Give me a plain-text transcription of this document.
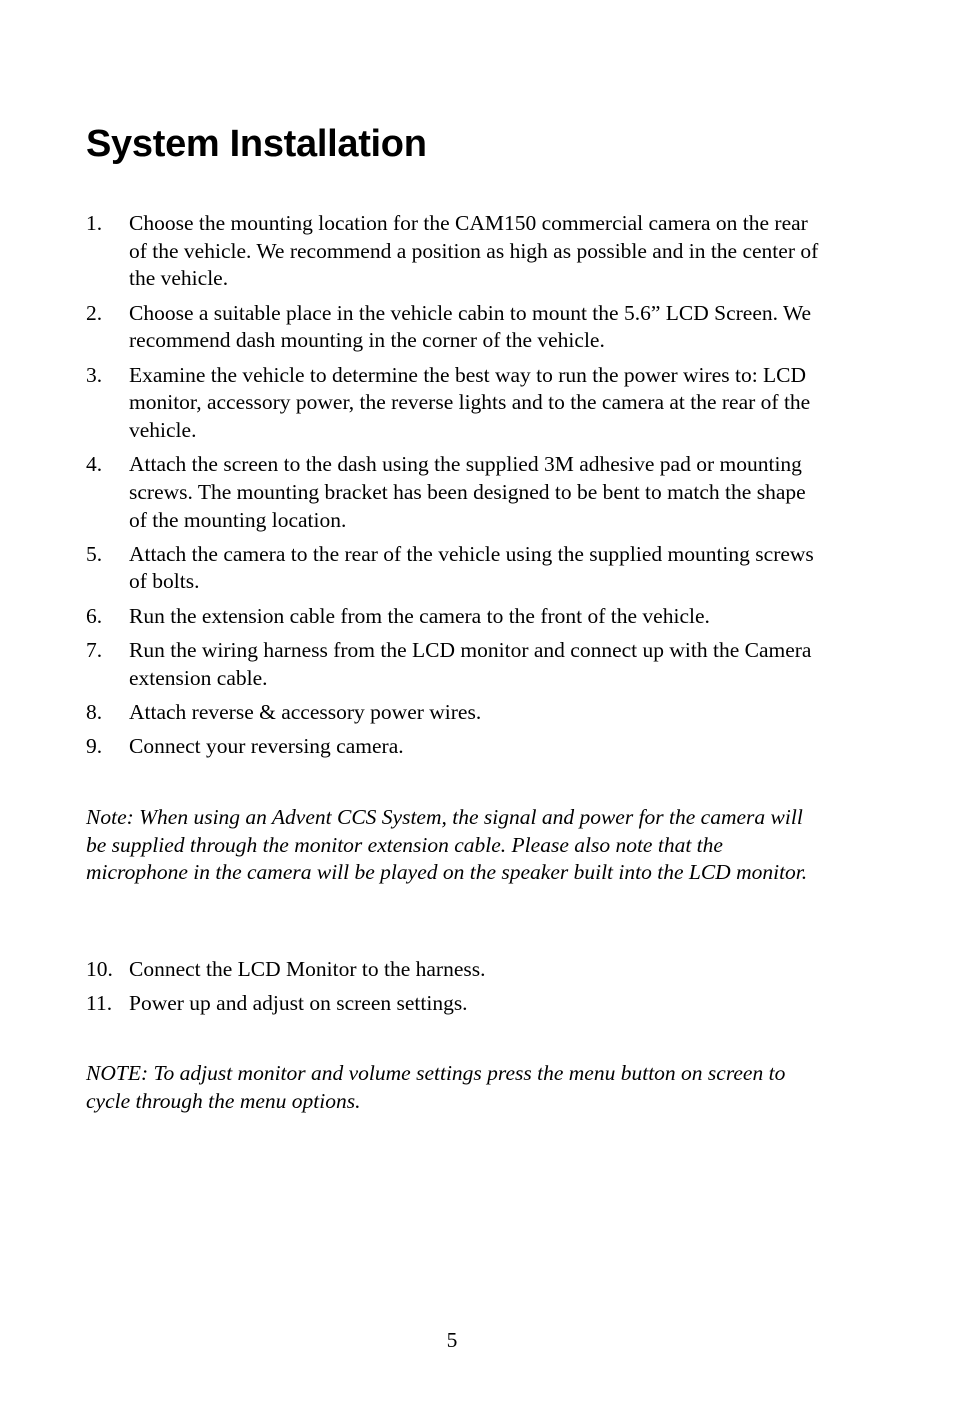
System Installation
1. Choose the mounting location for the CAM150 commercial camera on the rear of the vehicle. We recommend a position as high as possible and in the center of the vehicle.
2. Choose a suitable place in the vehicle cabin to mount the 5.6” LCD Screen. We recommend dash mounting in the corner of the vehicle.
3. Examine the vehicle to determine the best way to run the power wires to: LCD monitor, accessory power, the reverse lights and to the camera at the rear of the vehicle.
4. Attach the screen to the dash using the supplied 3M adhesive pad or mounting screws. The mounting bracket has been designed to be bent to match the shape of the mounting location.
5. Attach the camera to the rear of the vehicle using the supplied mounting screws of bolts.
6. Run the extension cable from the camera to the front of the vehicle.
7. Run the wiring harness from the LCD monitor and connect up with the Camera extension cable.
8. Attach reverse & accessory power wires.
9. Connect your reversing camera.

Note: When using an Advent CCS System, the signal and power for the camera will be supplied through the monitor extension cable. Please also note that the microphone in the camera will be played on the speaker built into the LCD monitor.

10. Connect the LCD Monitor to the harness.
11. Power up and adjust on screen settings.

NOTE: To adjust monitor and volume settings press the menu button on screen to cycle through the menu options.

5
